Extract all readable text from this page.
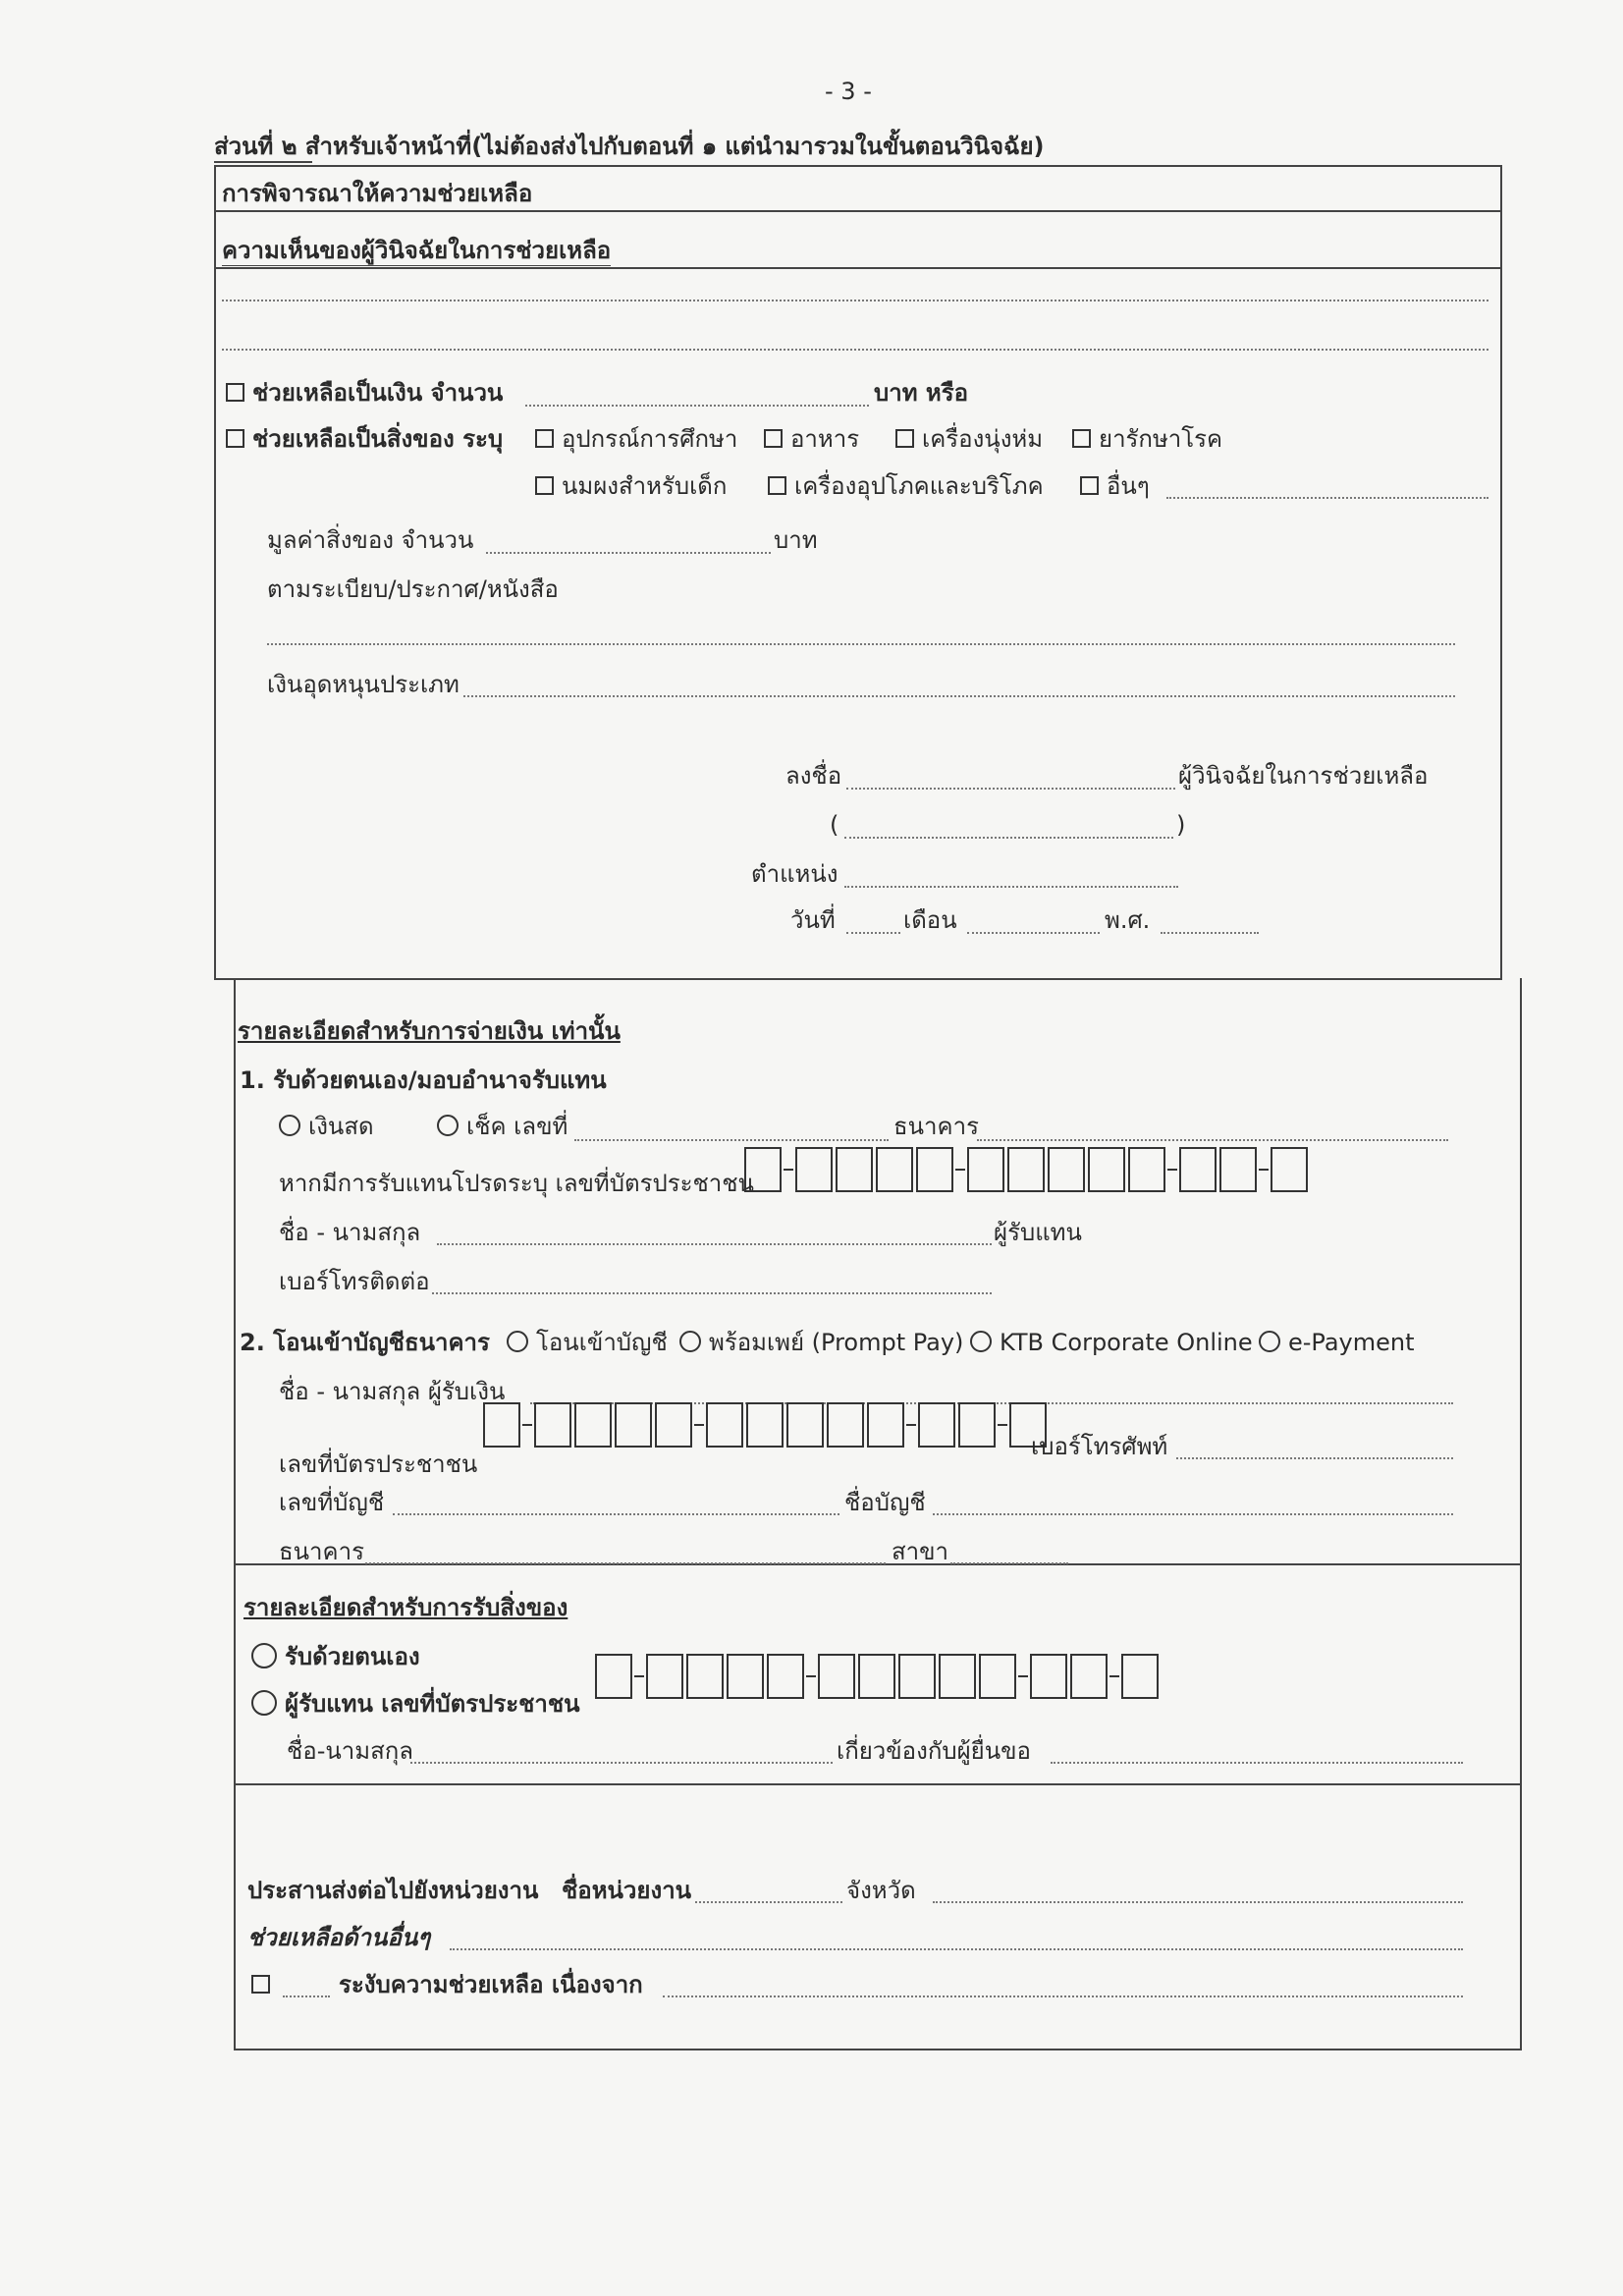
- 3 -
ส่วนที่ ๒ สำหรับเจ้าหน้าที่(ไม่ต้องส่งไปกับตอนที่ ๑ แต่นำมารวมในขั้นตอนวินิจฉัย)
การพิจารณาให้ความช่วยเหลือ
ความเห็นของผู้วินิจฉัยในการช่วยเหลือ
ช่วยเหลือเป็นเงิน จำนวน	บาท หรือ
ช่วยเหลือเป็นสิ่งของ ระบุ	อุปกรณ์การศึกษา	อาหาร	เครื่องนุ่งห่ม	ยารักษาโรค
นมผงสำหรับเด็ก	เครื่องอุปโภคและบริโภค	อื่นๆ
มูลค่าสิ่งของ จำนวน	บาท
ตามระเบียบ/ประกาศ/หนังสือ
เงินอุดหนุนประเภท
ลงชื่อ	ผู้วินิจฉัยในการช่วยเหลือ
(	)
ตำแหน่ง
วันที่	เดือน	พ.ศ.
รายละเอียดสำหรับการจ่ายเงิน เท่านั้น
1. รับด้วยตนเอง/มอบอำนาจรับแทน
เงินสด	เช็ค เลขที่	ธนาคาร
หากมีการรับแทนโปรดระบุ เลขที่บัตรประชาชน
ชื่อ - นามสกุล	ผู้รับแทน
เบอร์โทรติดต่อ
2. โอนเข้าบัญชีธนาคาร	โอนเข้าบัญชี	พร้อมเพย์ (Prompt Pay)	KTB Corporate Online	e-Payment
ชื่อ - นามสกุล ผู้รับเงิน
เลขที่บัตรประชาชน
เบอร์โทรศัพท์
เลขที่บัญชี	ชื่อบัญชี
ธนาคาร	สาขา
รายละเอียดสำหรับการรับสิ่งของ
รับด้วยตนเอง
ผู้รับแทน เลขที่บัตรประชาชน
ชื่อ-นามสกุล	เกี่ยวข้องกับผู้ยื่นขอ
ประสานส่งต่อไปยังหน่วยงาน ชื่อหน่วยงาน	จังหวัด
ช่วยเหลือด้านอื่นๆ
ระงับความช่วยเหลือ เนื่องจาก
